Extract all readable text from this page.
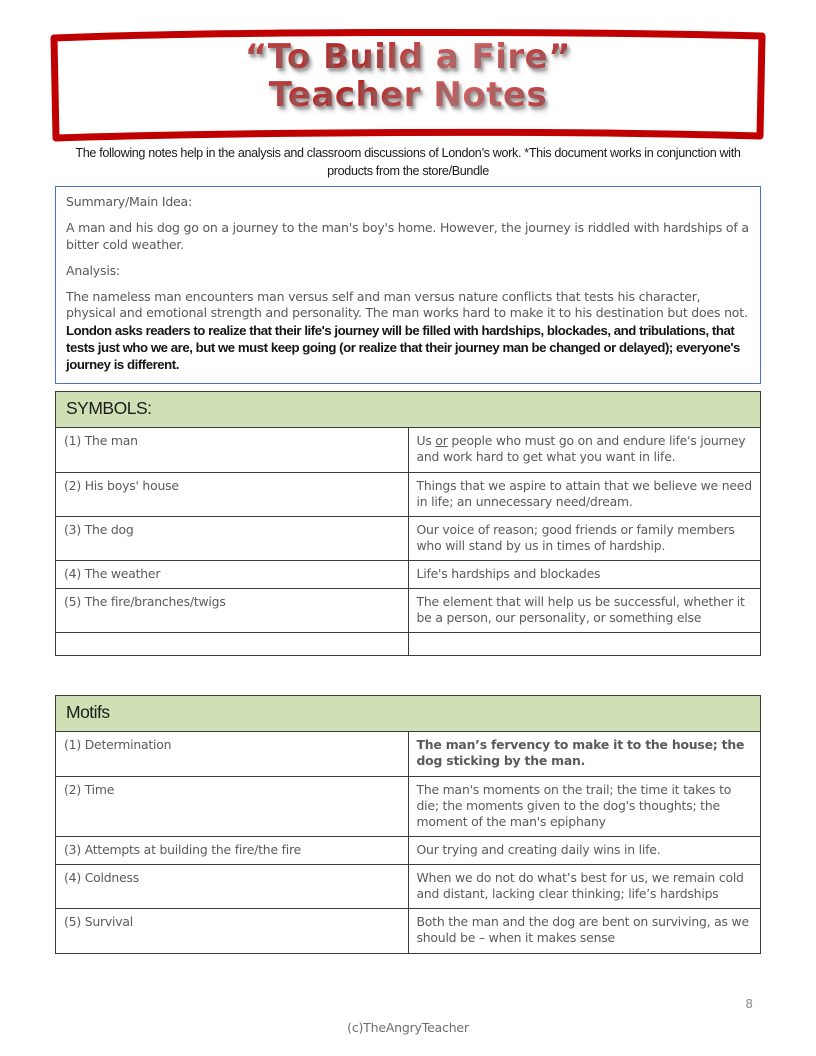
“To Build a Fire”
Teacher Notes
The following notes help in the analysis and classroom discussions of London’s work. *This document works in conjunction with products from the store/Bundle

Summary/Main Idea:

A man and his dog go on a journey to the man's boy's home. However, the journey is riddled with hardships of a bitter cold weather.

Analysis:

The nameless man encounters man versus self and man versus nature conflicts that tests his character, physical and emotional strength and personality. The man works hard to make it to his destination but does not. London asks readers to realize that their life's journey will be filled with hardships, blockades, and tribulations, that tests just who we are, but we must keep going (or realize that their journey man be changed or delayed); everyone's journey is different.

SYMBOLS:	
(1) The man	Us or people who must go on and endure life's journey and work hard to get what you want in life.
(2) His boys' house	Things that we aspire to attain that we believe we need in life; an unnecessary need/dream.
(3) The dog	Our voice of reason; good friends or family members who will stand by us in times of hardship.
(4) The weather	Life's hardships and blockades
(5) The fire/branches/twigs	The element that will help us be successful, whether it be a person, our personality, or something else

Motifs	
(1) Determination	The man’s fervency to make it to the house; the dog sticking by the man.
(2) Time	The man's moments on the trail; the time it takes to die; the moments given to the dog's thoughts; the moment of the man's epiphany
(3) Attempts at building the fire/the fire	Our trying and creating daily wins in life.
(4) Coldness	When we do not do what’s best for us, we remain cold and distant, lacking clear thinking; life’s hardships
(5) Survival	Both the man and the dog are bent on surviving, as we should be – when it makes sense
8
(c)TheAngryTeacher
